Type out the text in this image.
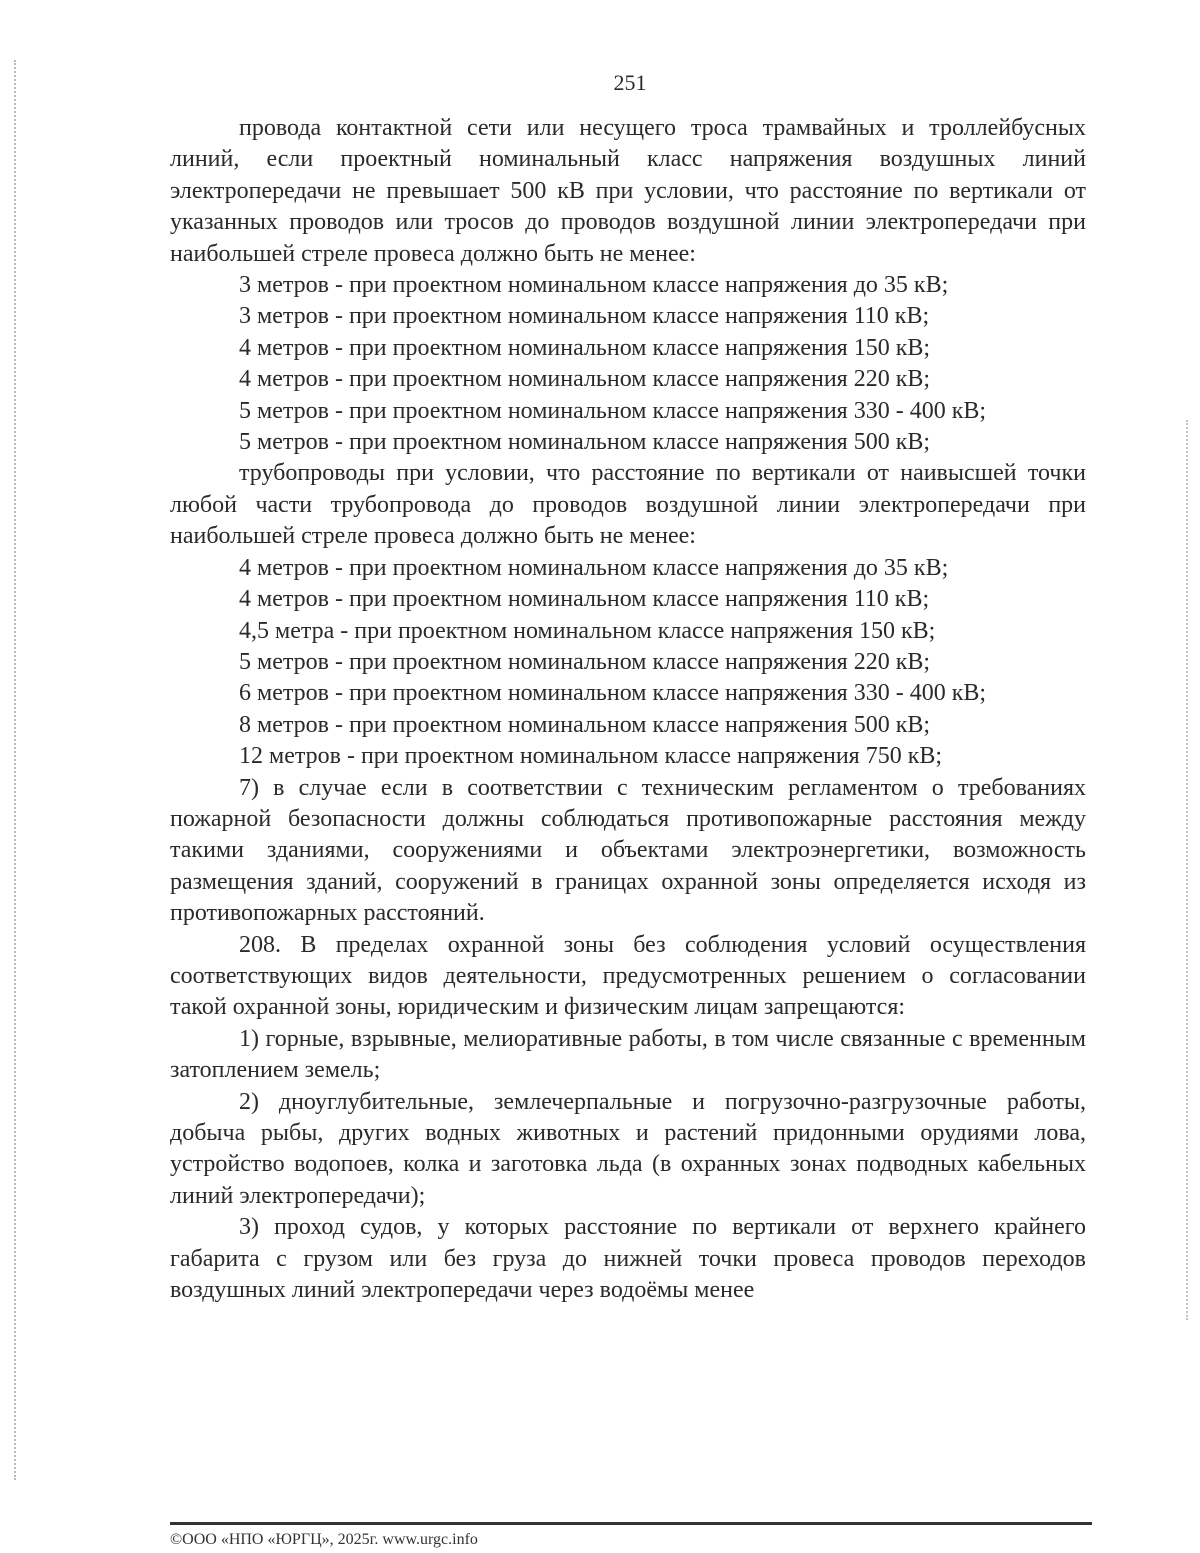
251

провода контактной сети или несущего троса трамвайных и троллейбусных линий, если проектный номинальный класс напряжения воздушных линий электропередачи не превышает 500 кВ при условии, что расстояние по вертикали от указанных проводов или тросов до проводов воздушной линии электропередачи при наибольшей стреле провеса должно быть не менее:

3 метров - при проектном номинальном классе напряжения до 35 кВ;

3 метров - при проектном номинальном классе напряжения 110 кВ;

4 метров - при проектном номинальном классе напряжения 150 кВ;

4 метров - при проектном номинальном классе напряжения 220 кВ;

5 метров - при проектном номинальном классе напряжения 330 - 400 кВ;

5 метров - при проектном номинальном классе напряжения 500 кВ;

трубопроводы при условии, что расстояние по вертикали от наивысшей точки любой части трубопровода до проводов воздушной линии электропередачи при наибольшей стреле провеса должно быть не менее:

4 метров - при проектном номинальном классе напряжения до 35 кВ;

4 метров - при проектном номинальном классе напряжения 110 кВ;

4,5 метра - при проектном номинальном классе напряжения 150 кВ;

5 метров - при проектном номинальном классе напряжения 220 кВ;

6 метров - при проектном номинальном классе напряжения 330 - 400 кВ;

8 метров - при проектном номинальном классе напряжения 500 кВ;

12 метров - при проектном номинальном классе напряжения 750 кВ;

7) в случае если в соответствии с техническим регламентом о требованиях пожарной безопасности должны соблюдаться противопожарные расстояния между такими зданиями, сооружениями и объектами электроэнергетики, возможность размещения зданий, сооружений в границах охранной зоны определяется исходя из противопожарных расстояний.

208. В пределах охранной зоны без соблюдения условий осуществления соответствующих видов деятельности, предусмотренных решением о согласовании такой охранной зоны, юридическим и физическим лицам запрещаются:

1) горные, взрывные, мелиоративные работы, в том числе связанные с временным затоплением земель;

2) дноуглубительные, землечерпальные и погрузочно-разгрузочные работы, добыча рыбы, других водных животных и растений придонными орудиями лова, устройство водопоев, колка и заготовка льда (в охранных зонах подводных кабельных линий электропередачи);

3) проход судов, у которых расстояние по вертикали от верхнего крайнего габарита с грузом или без груза до нижней точки провеса проводов переходов воздушных линий электропередачи через водоёмы менее

©ООО «НПО «ЮРГЦ», 2025г. www.urgc.info
